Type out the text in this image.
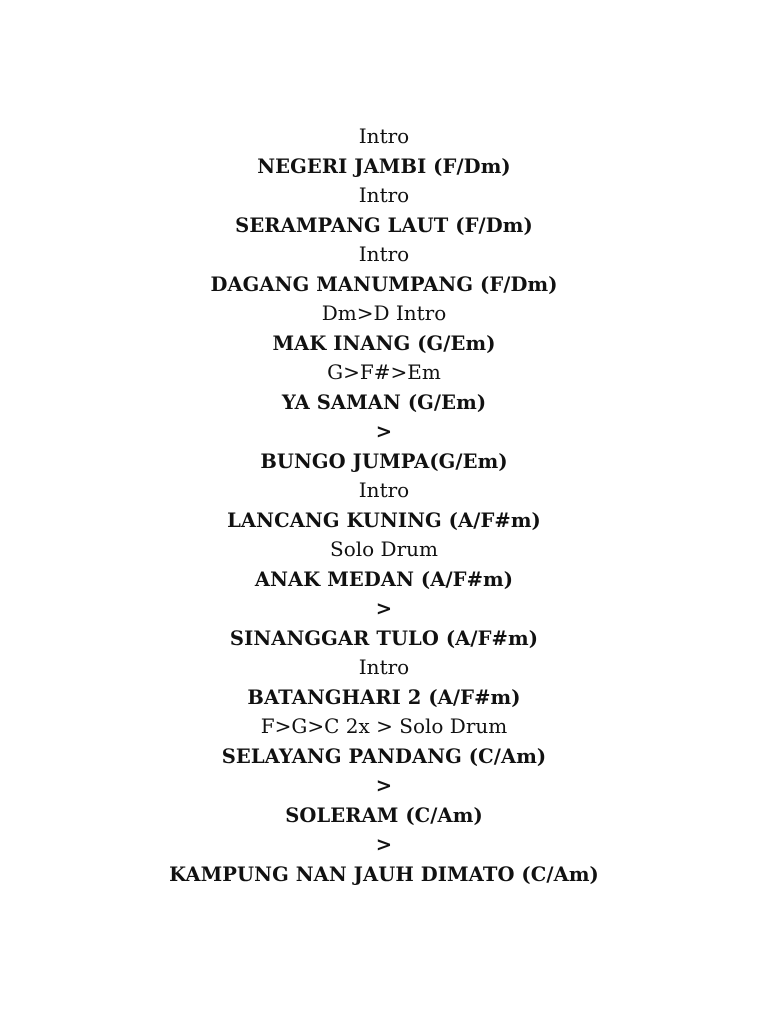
Intro
NEGERI JAMBI (F/Dm)
Intro
SERAMPANG LAUT (F/Dm)
Intro
DAGANG MANUMPANG (F/Dm)
Dm>D Intro
MAK INANG (G/Em)
G>F#>Em
YA SAMAN (G/Em)
>
BUNGO JUMPA(G/Em)
Intro
LANCANG KUNING (A/F#m)
Solo Drum
ANAK MEDAN (A/F#m)
>
SINANGGAR TULO (A/F#m)
Intro
BATANGHARI 2 (A/F#m)
F>G>C 2x > Solo Drum
SELAYANG PANDANG (C/Am)
>
SOLERAM (C/Am)
>
KAMPUNG NAN JAUH DIMATO (C/Am)
